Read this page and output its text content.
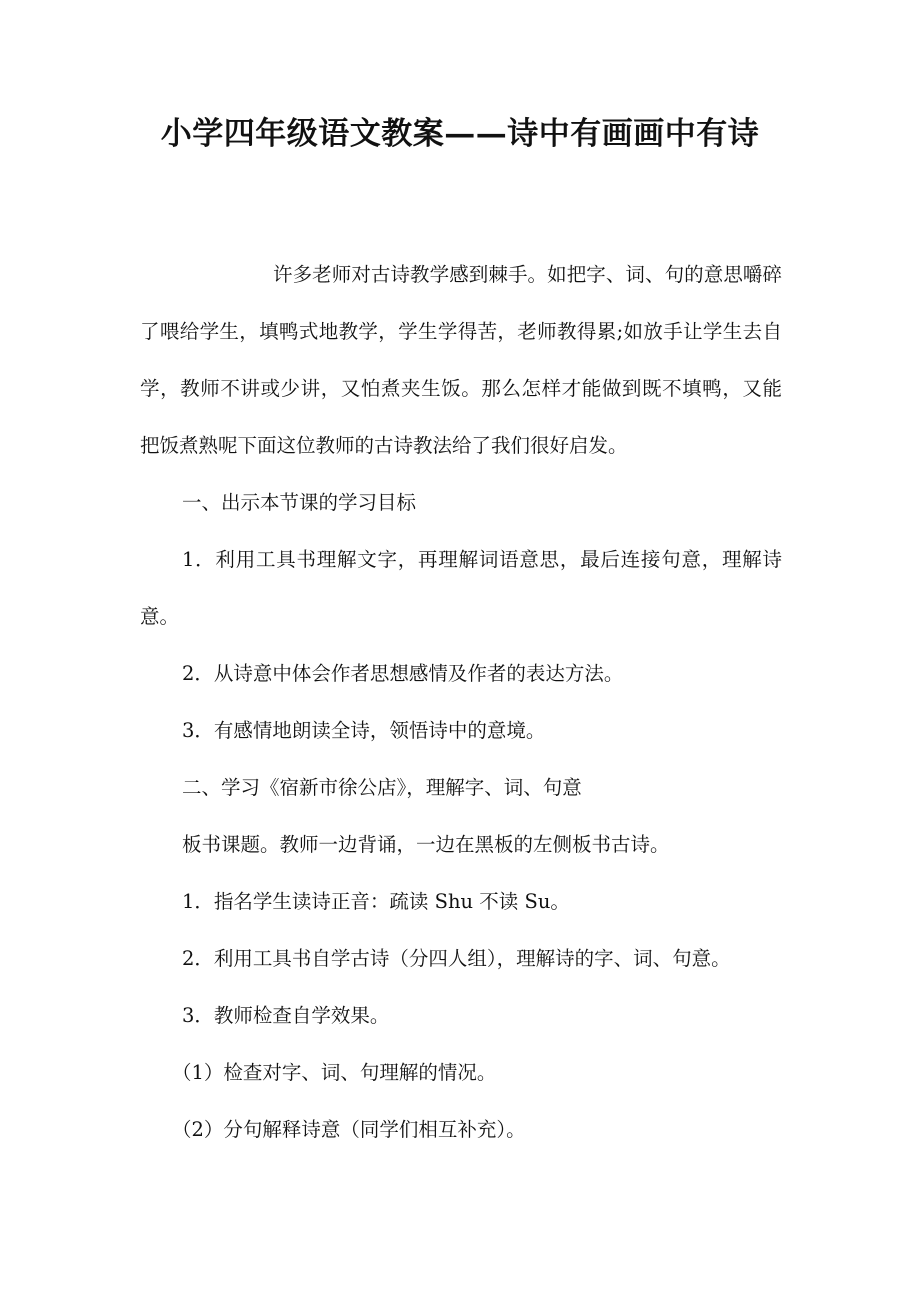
小学四年级语文教案——诗中有画画中有诗

许多老师对古诗教学感到棘手。如把字、词、句的意思嚼碎了喂给学生，填鸭式地教学，学生学得苦，老师教得累;如放手让学生去自学，教师不讲或少讲，又怕煮夹生饭。那么怎样才能做到既不填鸭，又能把饭煮熟呢下面这位教师的古诗教法给了我们很好启发。

一、出示本节课的学习目标

1．利用工具书理解文字，再理解词语意思，最后连接句意，理解诗意。

2．从诗意中体会作者思想感情及作者的表达方法。

3．有感情地朗读全诗，领悟诗中的意境。

二、学习《宿新市徐公店》，理解字、词、句意

板书课题。教师一边背诵，一边在黑板的左侧板书古诗。

1．指名学生读诗正音：疏读 Shu 不读 Su。

2．利用工具书自学古诗（分四人组），理解诗的字、词、句意。

3．教师检查自学效果。

（1）检查对字、词、句理解的情况。

（2）分句解释诗意（同学们相互补充）。
